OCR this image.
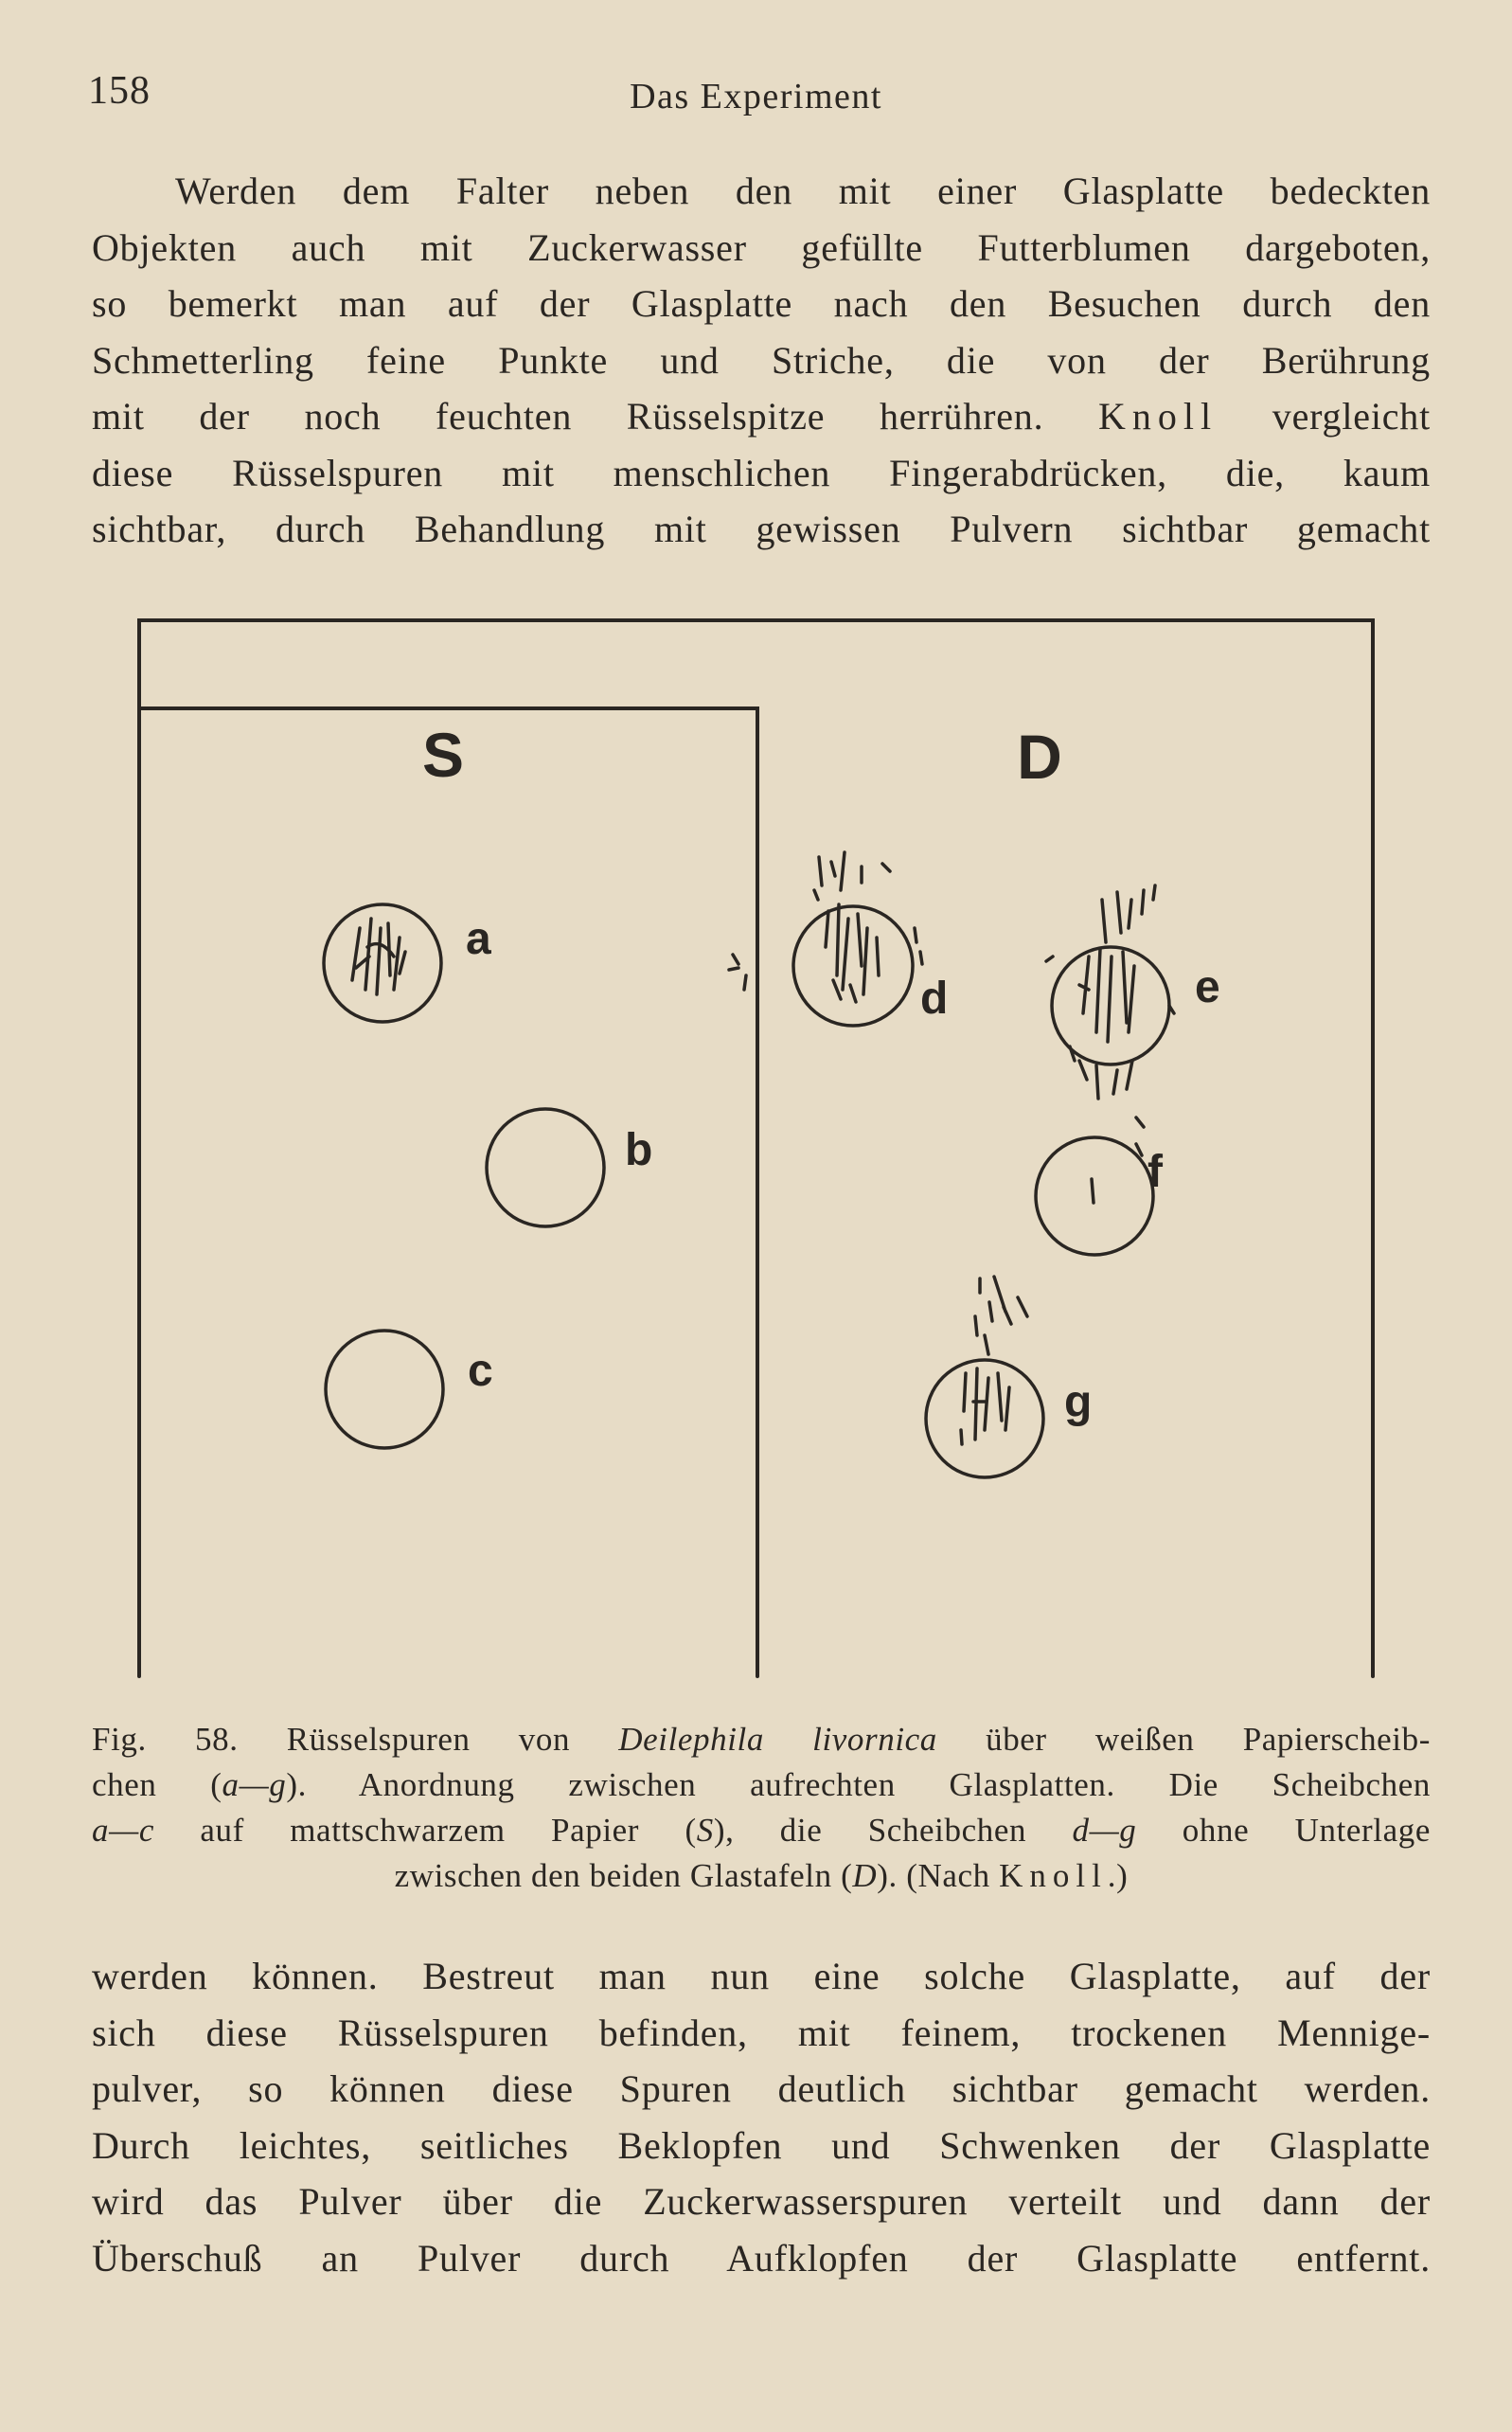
158	Das Experiment
Werden dem Falter neben den mit einer Glasplatte bedeckten
Objekten auch mit Zuckerwasser gefüllte Futterblumen dargeboten,
so bemerkt man auf der Glasplatte nach den Besuchen durch den
Schmetterling feine Punkte und Striche, die von der Berührung
mit der noch feuchten Rüsselspitze herrühren. Knoll vergleicht
diese Rüsselspuren mit menschlichen Fingerabdrücken, die, kaum
sichtbar, durch Behandlung mit gewissen Pulvern sichtbar gemacht
S	D
a
b
c
d	e
f
g
Fig. 58. Rüsselspuren von Deilephila livornica über weißen Papierscheib-
chen (a—g). Anordnung zwischen aufrechten Glasplatten. Die Scheibchen
a—c auf mattschwarzem Papier (S), die Scheibchen d—g ohne Unterlage
zwischen den beiden Glastafeln (D). (Nach Knoll.)
werden können. Bestreut man nun eine solche Glasplatte, auf der
sich diese Rüsselspuren befinden, mit feinem, trockenen Mennige-
pulver, so können diese Spuren deutlich sichtbar gemacht werden.
Durch leichtes, seitliches Beklopfen und Schwenken der Glasplatte
wird das Pulver über die Zuckerwasserspuren verteilt und dann der
Überschuß an Pulver durch Aufklopfen der Glasplatte entfernt.
